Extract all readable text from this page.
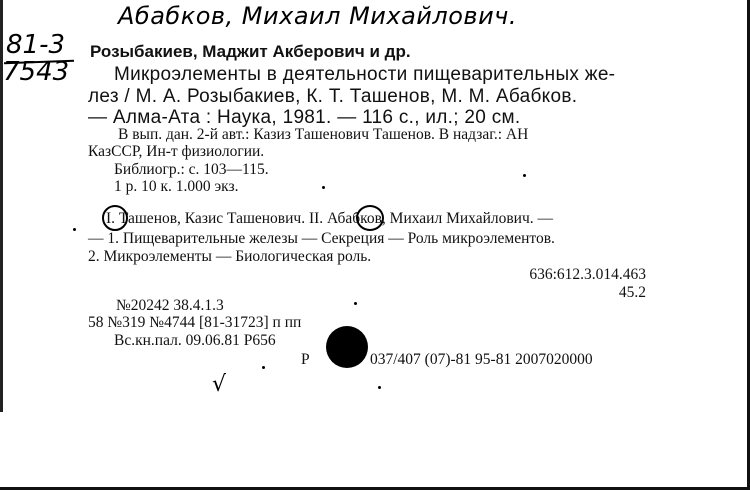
Абабков, Михаил Михайлович.
81-3
7543
Розыбакиев, Маджит Акберович и др.
Микроэлементы в деятельности пищеварительных же-
лез / М. А. Розыбакиев, К. Т. Ташенов, М. М. Абабков.
— Алма-Ата : Наука, 1981. — 116 с., ил.; 20 см.
В вып. дан. 2-й авт.: Казиз Ташенович Ташенов. В надзаг.: АН
КазССР, Ин-т физиологии.
Библиогр.: с. 103—115.
1 р. 10 к. 1.000 экз.
I. Ташенов, Казис Ташенович. II. Абабков, Михаил Михайлович. —
— 1. Пищеварительные железы — Секреция — Роль микроэлементов.
2. Микроэлементы — Биологическая роль.
636:612.3.014.463
45.2
№20242 38.4.1.3
58 №319 №4744 [81-31723] п пп
Вс.кн.пал. 09.06.81 Р656
Р	037/407 (07)-81 95-81 2007020000
√
